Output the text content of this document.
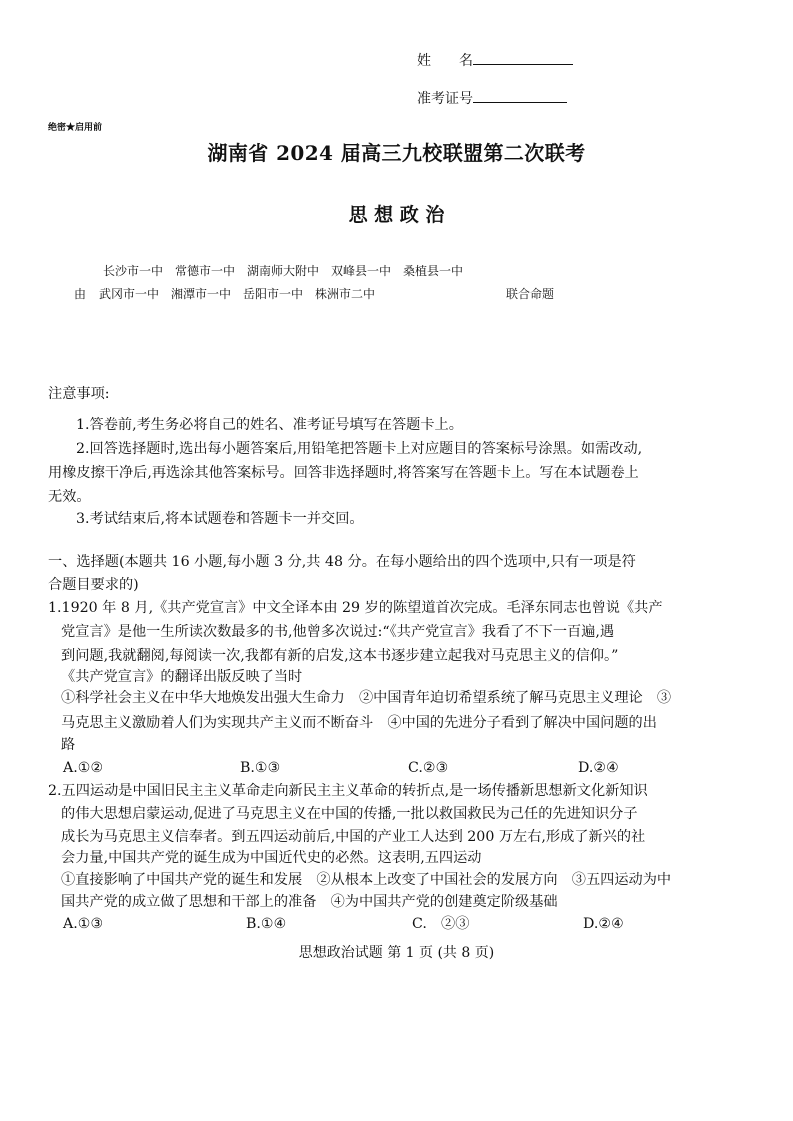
姓　　名
准考证号
绝密★启用前
湖南省 2024 届高三九校联盟第二次联考
思 想 政 治
长沙市一中　常德市一中　湖南师大附中　双峰县一中　桑植县一中
由 武冈市一中　湘潭市一中　岳阳市一中　株洲市二中	联合命题
注意事项:
1.答卷前,考生务必将自己的姓名、准考证号填写在答题卡上。
2.回答选择题时,选出每小题答案后,用铅笔把答题卡上对应题目的答案标号涂黑。如需改动,
用橡皮擦干净后,再选涂其他答案标号。回答非选择题时,将答案写在答题卡上。写在本试题卷上
无效。
3.考试结束后,将本试题卷和答题卡一并交回。
一、选择题(本题共 16 小题,每小题 3 分,共 48 分。在每小题给出的四个选项中,只有一项是符
合题目要求的)
1.1920 年 8 月,《共产党宣言》中文全译本由 29 岁的陈望道首次完成。毛泽东同志也曾说《共产
党宣言》是他一生所读次数最多的书,他曾多次说过:“《共产党宣言》我看了不下一百遍,遇
到问题,我就翻阅,每阅读一次,我都有新的启发,这本书逐步建立起我对马克思主义的信仰。”
《共产党宣言》的翻译出版反映了当时
①科学社会主义在中华大地焕发出强大生命力　②中国青年迫切希望系统了解马克思主义理论　③
马克思主义激励着人们为实现共产主义而不断奋斗　④中国的先进分子看到了解决中国问题的出
路
A.①②	B.①③	C.②③	D.②④
2.五四运动是中国旧民主主义革命走向新民主主义革命的转折点,是一场传播新思想新文化新知识
的伟大思想启蒙运动,促进了马克思主义在中国的传播,一批以救国救民为己任的先进知识分子
成长为马克思主义信奉者。到五四运动前后,中国的产业工人达到 200 万左右,形成了新兴的社
会力量,中国共产党的诞生成为中国近代史的必然。这表明,五四运动
①直接影响了中国共产党的诞生和发展　②从根本上改变了中国社会的发展方向　③五四运动为中
国共产党的成立做了思想和干部上的准备　④为中国共产党的创建奠定阶级基础
A.①③	B.①④	C.　②③	D.②④
思想政治试题 第 1 页 (共 8 页)
